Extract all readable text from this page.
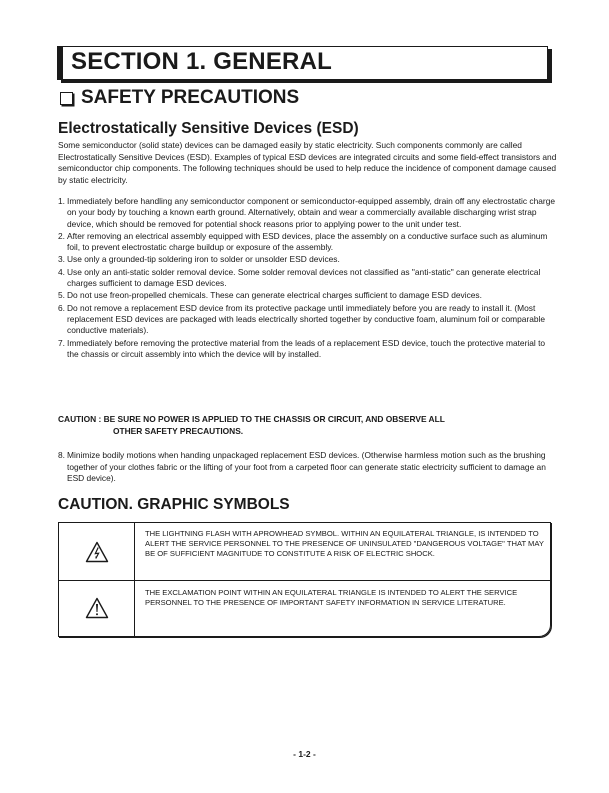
SECTION 1. GENERAL
SAFETY PRECAUTIONS
Electrostatically Sensitive Devices (ESD)

Some semiconductor (solid state) devices can be damaged easily by static electricity. Such components commonly are called Electrostatically Sensitive Devices (ESD). Examples of typical ESD devices are integrated circuits and some field-effect transistors and semiconductor chip components. The following techniques should be used to help reduce the incidence of component damage caused by static electricity.

1. Immediately before handling any semiconductor component or semiconductor-equipped assembly, drain off any electrostatic charge on your body by touching a known earth ground. Alternatively, obtain and wear a commercially available discharging wrist strap device, which should be removed for potential shock reasons prior to applying power to the unit under test.
2. After removing an electrical assembly equipped with ESD devices, place the assembly on a conductive surface such as aluminum foil, to prevent electrostatic charge buildup or exposure of the assembly.
3. Use only a grounded-tip soldering iron to solder or unsolder ESD devices.
4. Use only an anti-static solder removal device. Some solder removal devices not classified as "anti-static" can generate electrical charges sufficient to damage ESD devices.
5. Do not use freon-propelled chemicals. These can generate electrical charges sufficient to damage ESD devices.
6. Do not remove a replacement ESD device from its protective package until immediately before you are ready to install it. (Most replacement ESD devices are packaged with leads electrically shorted together by conductive foam, aluminum foil or comparable conductive materials).
7. Immediately before removing the protective material from the leads of a replacement ESD device, touch the protective material to the chassis or circuit assembly into which the device will by installed.
CAUTION : BE SURE NO POWER IS APPLIED TO THE CHASSIS OR CIRCUIT, AND OBSERVE ALL
OTHER SAFETY PRECAUTIONS.
8. Minimize bodily motions when handing unpackaged replacement ESD devices. (Otherwise harmless motion such as the brushing together of your clothes fabric or the lifting of your foot from a carpeted floor can generate static electricity sufficient to damage an ESD device).
CAUTION. GRAPHIC SYMBOLS
THE LIGHTNING FLASH WITH APROWHEAD SYMBOL. WITHIN AN EQUILATERAL TRIANGLE, IS INTENDED TO ALERT THE SERVICE PERSONNEL TO THE PRESENCE OF UNINSULATED "DANGEROUS VOLTAGE" THAT MAY BE OF SUFFICIENT MAGNITUDE TO CONSTITUTE A RISK OF ELECTRIC SHOCK.
THE EXCLAMATION POINT WITHIN AN EQUILATERAL TRIANGLE IS INTENDED TO ALERT THE SERVICE PERSONNEL TO THE PRESENCE OF IMPORTANT SAFETY INFORMATION IN SERVICE LITERATURE.
- 1-2 -
